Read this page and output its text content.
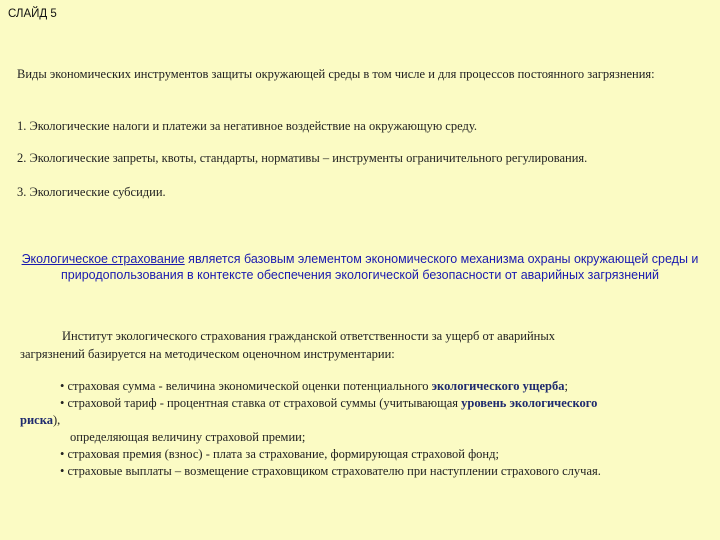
СЛАЙД 5

Виды экономических инструментов защиты окружающей среды в том числе и для процессов постоянного загрязнения:

1. Экологические налоги и платежи за негативное воздействие на окружающую среду.

2. Экологические запреты, квоты, стандарты, нормативы – инструменты ограничительного регулирования.

3. Экологические субсидии.

Экологическое страхование является базовым элементом экономического механизма охраны окружающей среды и природопользования в контексте обеспечения экологической безопасности от аварийных загрязнений
Институт экологического страхования гражданской ответственности за ущерб от аварийных
загрязнений базируется на методическом оценочном инструментарии:
• страховая сумма - величина экономической оценки потенциального экологического ущерба;
• страховой тариф - процентная ставка от страховой суммы (учитывающая уровень экологического
риска),
определяющая величину страховой премии;
• страховая премия (взнос) - плата за страхование, формирующая страховой фонд;
• страховые выплаты – возмещение страховщиком страхователю при наступлении страхового случая.
